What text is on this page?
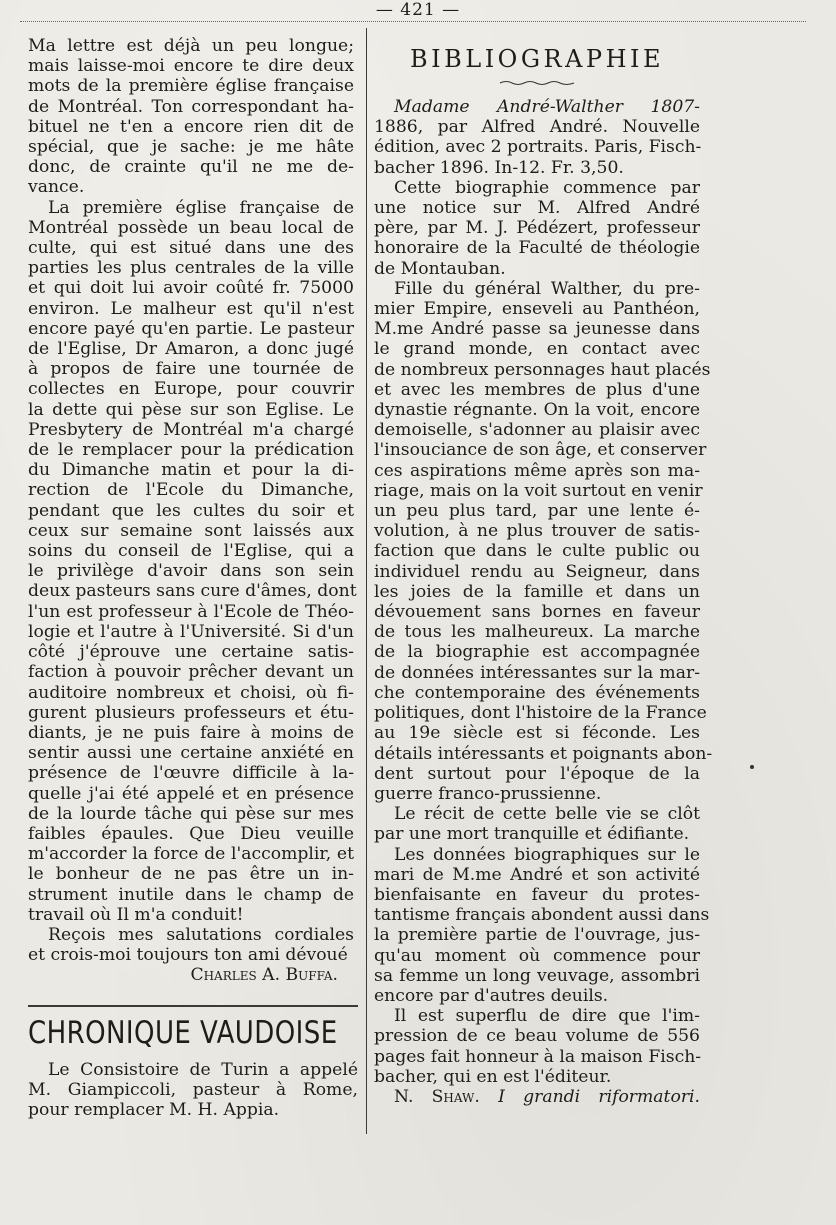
— 421 —
Ma lettre est déjà un peu longue;
mais laisse-moi encore te dire deux
mots de la première église française
de Montréal. Ton correspondant ha-
bituel ne t'en a encore rien dit de
spécial, que je sache: je me hâte
donc, de crainte qu'il ne me de-
vance.
La première église française de
Montréal possède un beau local de
culte, qui est situé dans une des
parties les plus centrales de la ville
et qui doit lui avoir coûté fr. 75000
environ. Le malheur est qu'il n'est
encore payé qu'en partie. Le pasteur
de l'Eglise, Dr Amaron, a donc jugé
à propos de faire une tournée de
collectes en Europe, pour couvrir
la dette qui pèse sur son Eglise. Le
Presbytery de Montréal m'a chargé
de le remplacer pour la prédication
du Dimanche matin et pour la di-
rection de l'Ecole du Dimanche,
pendant que les cultes du soir et
ceux sur semaine sont laissés aux
soins du conseil de l'Eglise, qui a
le privilège d'avoir dans son sein
deux pasteurs sans cure d'âmes, dont
l'un est professeur à l'Ecole de Théo-
logie et l'autre à l'Université. Si d'un
côté j'éprouve une certaine satis-
faction à pouvoir prêcher devant un
auditoire nombreux et choisi, où fi-
gurent plusieurs professeurs et étu-
diants, je ne puis faire à moins de
sentir aussi une certaine anxiété en
présence de l'œuvre difficile à la-
quelle j'ai été appelé et en présence
de la lourde tâche qui pèse sur mes
faibles épaules. Que Dieu veuille
m'accorder la force de l'accomplir, et
le bonheur de ne pas être un in-
strument inutile dans le champ de
travail où Il m'a conduit!
Reçois mes salutations cordiales
et crois-moi toujours ton ami dévoué
Charles A. Buffa.
CHRONIQUE VAUDOISE
Le Consistoire de Turin a appelé
M. Giampiccoli, pasteur à Rome,
pour remplacer M. H. Appia.
BIBLIOGRAPHIE
Madame André-Walther 1807-
1886, par Alfred André. Nouvelle
édition, avec 2 portraits. Paris, Fisch-
bacher 1896. In-12. Fr. 3,50.
Cette biographie commence par
une notice sur M. Alfred André
père, par M. J. Pédézert, professeur
honoraire de la Faculté de théologie
de Montauban.
Fille du général Walther, du pre-
mier Empire, enseveli au Panthéon,
M.me André passe sa jeunesse dans
le grand monde, en contact avec
de nombreux personnages haut placés
et avec les membres de plus d'une
dynastie régnante. On la voit, encore
demoiselle, s'adonner au plaisir avec
l'insouciance de son âge, et conserver
ces aspirations même après son ma-
riage, mais on la voit surtout en venir
un peu plus tard, par une lente é-
volution, à ne plus trouver de satis-
faction que dans le culte public ou
individuel rendu au Seigneur, dans
les joies de la famille et dans un
dévouement sans bornes en faveur
de tous les malheureux. La marche
de la biographie est accompagnée
de données intéressantes sur la mar-
che contemporaine des événements
politiques, dont l'histoire de la France
au 19e siècle est si féconde. Les
détails intéressants et poignants abon-
dent surtout pour l'époque de la
guerre franco-prussienne.
Le récit de cette belle vie se clôt
par une mort tranquille et édifiante.
Les données biographiques sur le
mari de M.me André et son activité
bienfaisante en faveur du protes-
tantisme français abondent aussi dans
la première partie de l'ouvrage, jus-
qu'au moment où commence pour
sa femme un long veuvage, assombri
encore par d'autres deuils.
Il est superflu de dire que l'im-
pression de ce beau volume de 556
pages fait honneur à la maison Fisch-
bacher, qui en est l'éditeur.
N. Shaw. I grandi riformatori.
